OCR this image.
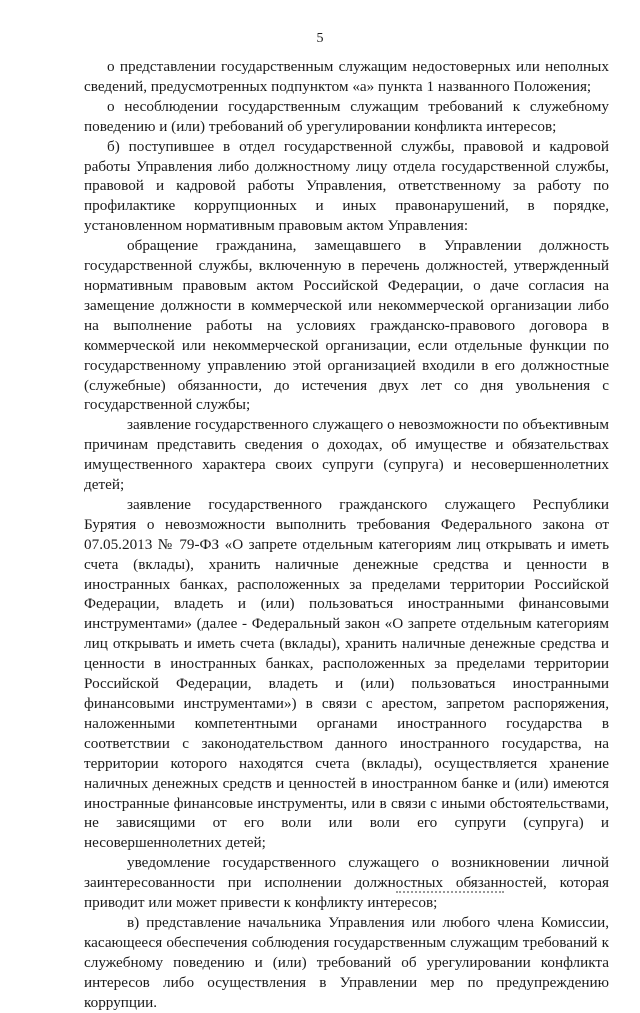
5

о представлении государственным служащим недостоверных или неполных сведений, предусмотренных подпунктом «а» пункта 1 названного Положения;

о несоблюдении государственным служащим требований к служебному поведению и (или) требований об урегулировании конфликта интересов;

б) поступившее в отдел государственной службы, правовой и кадровой работы Управления либо должностному лицу отдела государственной службы, правовой и кадровой работы Управления, ответственному за работу по профилактике коррупционных и иных правонарушений, в порядке, установленном нормативным правовым актом Управления:

обращение гражданина, замещавшего в Управлении должность государственной службы, включенную в перечень должностей, утвержденный нормативным правовым актом Российской Федерации, о даче согласия на замещение должности в коммерческой или некоммерческой организации либо на выполнение работы на условиях гражданско-правового договора в коммерческой или некоммерческой организации, если отдельные функции по государственному управлению этой организацией входили в его должностные (служебные) обязанности, до истечения двух лет со дня увольнения с государственной службы;

заявление государственного служащего о невозможности по объективным причинам представить сведения о доходах, об имуществе и обязательствах имущественного характера своих супруги (супруга) и несовершеннолетних детей;

заявление государственного гражданского служащего Республики Бурятия о невозможности выполнить требования Федерального закона от 07.05.2013 № 79-ФЗ «О запрете отдельным категориям лиц открывать и иметь счета (вклады), хранить наличные денежные средства и ценности в иностранных банках, расположенных за пределами территории Российской Федерации, владеть и (или) пользоваться иностранными финансовыми инструментами» (далее - Федеральный закон «О запрете отдельным категориям лиц открывать и иметь счета (вклады), хранить наличные денежные средства и ценности в иностранных банках, расположенных за пределами территории Российской Федерации, владеть и (или) пользоваться иностранными финансовыми инструментами») в связи с арестом, запретом распоряжения, наложенными компетентными органами иностранного государства в соответствии с законодательством данного иностранного государства, на территории которого находятся счета (вклады), осуществляется хранение наличных денежных средств и ценностей в иностранном банке и (или) имеются иностранные финансовые инструменты, или в связи с иными обстоятельствами, не зависящими от его воли или воли его супруги (супруга) и несовершеннолетних детей;

уведомление государственного служащего о возникновении личной заинтересованности при исполнении должностных обязанностей, которая приводит или может привести к конфликту интересов;

в) представление начальника Управления или любого члена Комиссии, касающееся обеспечения соблюдения государственным служащим требований к служебному поведению и (или) требований об урегулировании конфликта интересов либо осуществления в Управлении мер по предупреждению коррупции.
